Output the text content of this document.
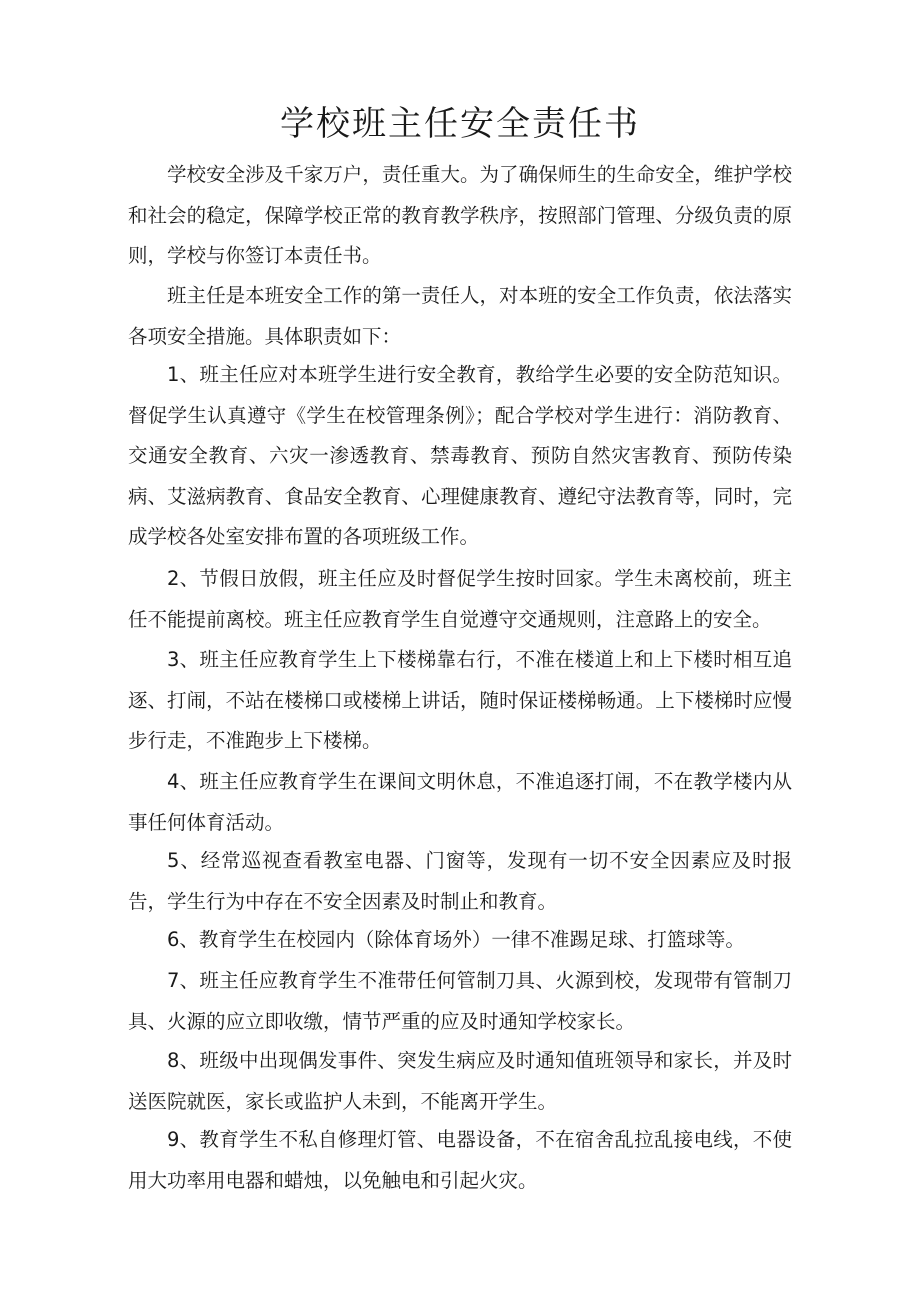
学校班主任安全责任书

学校安全涉及千家万户，责任重大。为了确保师生的生命安全，维护学校和社会的稳定，保障学校正常的教育教学秩序，按照部门管理、分级负责的原则，学校与你签订本责任书。

班主任是本班安全工作的第一责任人，对本班的安全工作负责，依法落实各项安全措施。具体职责如下：

1、班主任应对本班学生进行安全教育，教给学生必要的安全防范知识。督促学生认真遵守《学生在校管理条例》；配合学校对学生进行：消防教育、交通安全教育、六灾一渗透教育、禁毒教育、预防自然灾害教育、预防传染病、艾滋病教育、食品安全教育、心理健康教育、遵纪守法教育等，同时，完成学校各处室安排布置的各项班级工作。

2、节假日放假，班主任应及时督促学生按时回家。学生未离校前，班主任不能提前离校。班主任应教育学生自觉遵守交通规则，注意路上的安全。

3、班主任应教育学生上下楼梯靠右行，不准在楼道上和上下楼时相互追逐、打闹，不站在楼梯口或楼梯上讲话，随时保证楼梯畅通。上下楼梯时应慢步行走，不准跑步上下楼梯。

4、班主任应教育学生在课间文明休息，不准追逐打闹，不在教学楼内从事任何体育活动。

5、经常巡视查看教室电器、门窗等，发现有一切不安全因素应及时报告，学生行为中存在不安全因素及时制止和教育。

6、教育学生在校园内（除体育场外）一律不准踢足球、打篮球等。

7、班主任应教育学生不准带任何管制刀具、火源到校，发现带有管制刀具、火源的应立即收缴，情节严重的应及时通知学校家长。

8、班级中出现偶发事件、突发生病应及时通知值班领导和家长，并及时送医院就医，家长或监护人未到，不能离开学生。

9、教育学生不私自修理灯管、电器设备，不在宿舍乱拉乱接电线，不使用大功率用电器和蜡烛，以免触电和引起火灾。
